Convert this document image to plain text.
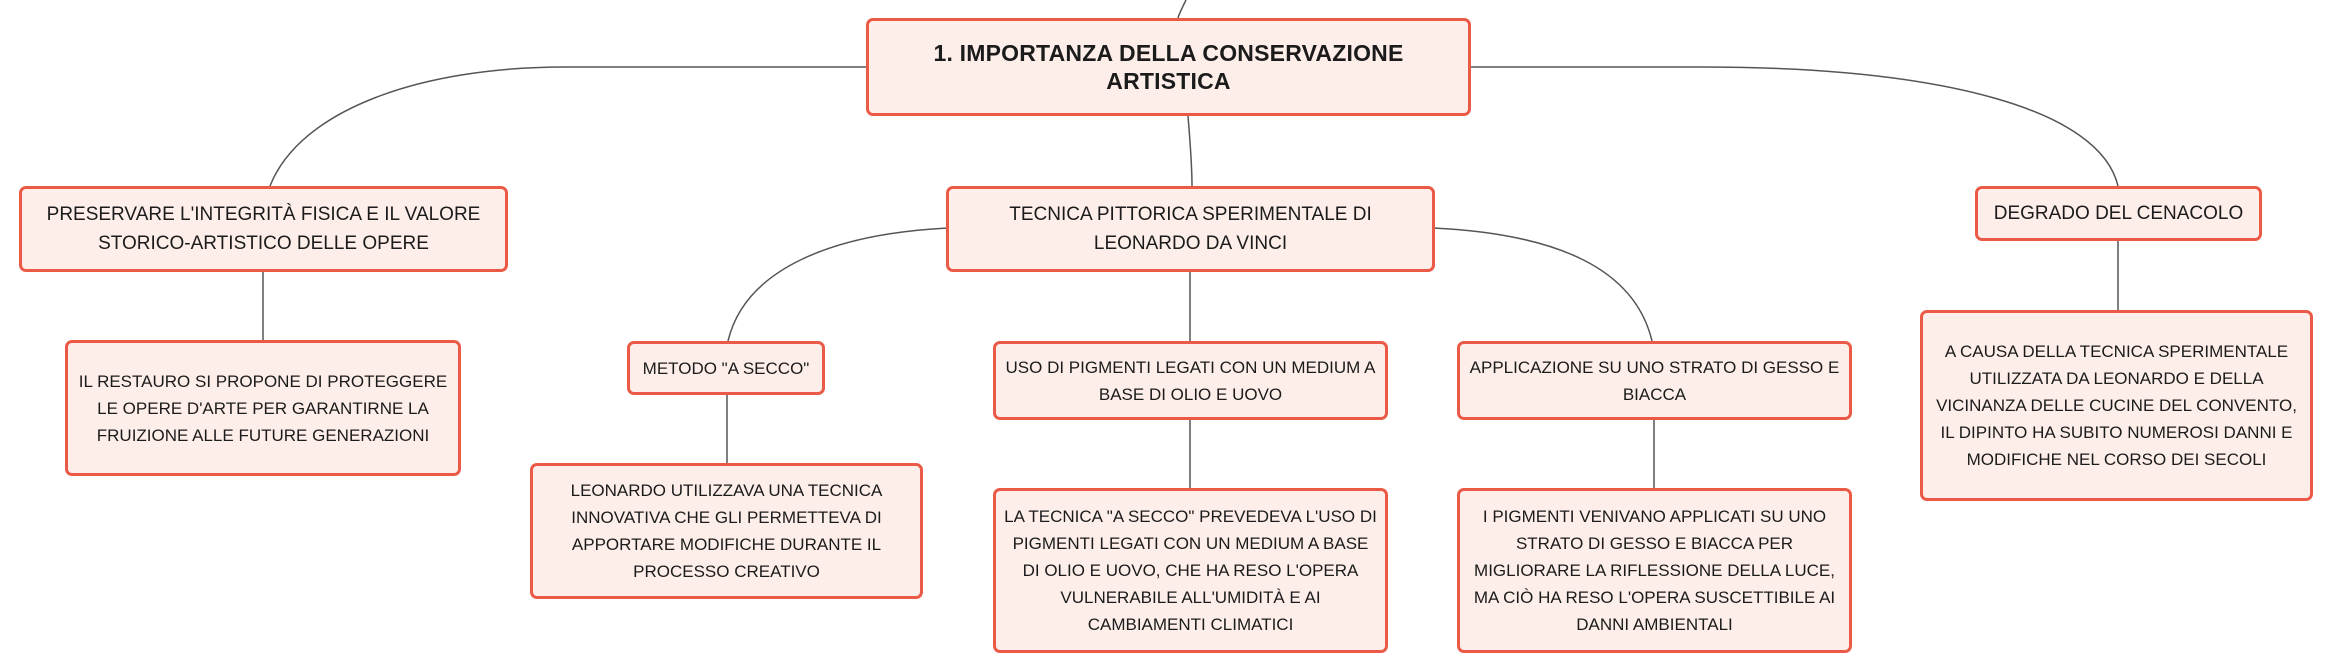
1. IMPORTANZA DELLA CONSERVAZIONE ARTISTICA
PRESERVARE L'INTEGRITÀ FISICA E IL VALORE STORICO-ARTISTICO DELLE OPERE
TECNICA PITTORICA SPERIMENTALE DI LEONARDO DA VINCI
DEGRADO DEL CENACOLO
IL RESTAURO SI PROPONE DI PROTEGGERE LE OPERE D'ARTE PER GARANTIRNE LA FRUIZIONE ALLE FUTURE GENERAZIONI
METODO "A SECCO"	USO DI PIGMENTI LEGATI CON UN MEDIUM A BASE DI OLIO E UOVO
APPLICAZIONE SU UNO STRATO DI GESSO E BIACCA
LEONARDO UTILIZZAVA UNA TECNICA INNOVATIVA CHE GLI PERMETTEVA DI APPORTARE MODIFICHE DURANTE IL PROCESSO CREATIVO
LA TECNICA "A SECCO" PREVEDEVA L'USO DI PIGMENTI LEGATI CON UN MEDIUM A BASE DI OLIO E UOVO, CHE HA RESO L'OPERA VULNERABILE ALL'UMIDITÀ E AI CAMBIAMENTI CLIMATICI
I PIGMENTI VENIVANO APPLICATI SU UNO STRATO DI GESSO E BIACCA PER MIGLIORARE LA RIFLESSIONE DELLA LUCE, MA CIÒ HA RESO L'OPERA SUSCETTIBILE AI DANNI AMBIENTALI
A CAUSA DELLA TECNICA SPERIMENTALE UTILIZZATA DA LEONARDO E DELLA VICINANZA DELLE CUCINE DEL CONVENTO, IL DIPINTO HA SUBITO NUMEROSI DANNI E MODIFICHE NEL CORSO DEI SECOLI
